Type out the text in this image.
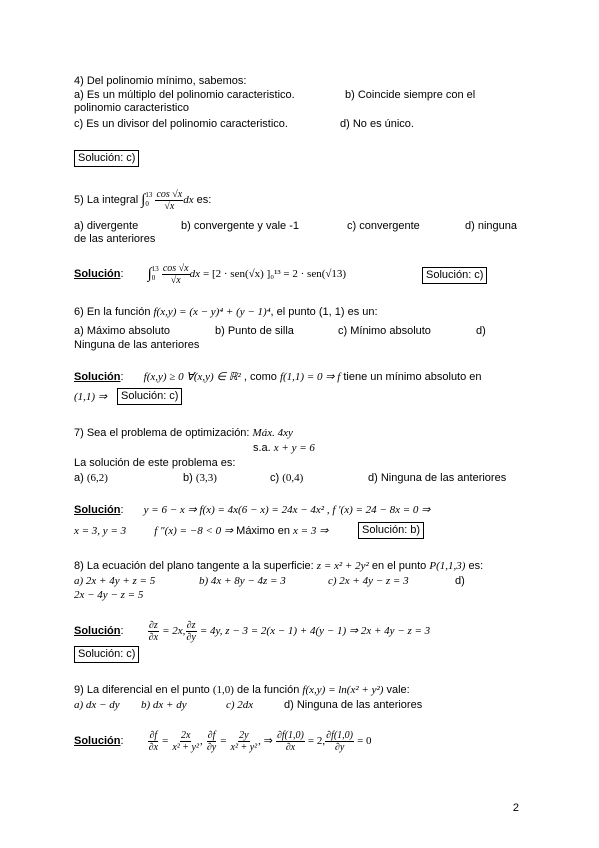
4) Del polinomio mínimo, sabemos:
a) Es un múltiplo del polinomio caracteristico.	b) Coincide siempre con el
polinomio caracteristico
c) Es un divisor del polinomio caracteristico.	d) No es único.
Solución: c)
5) La integral ∫ 13
0
$\frac{\cos √x}{√x}$ dx es:
a) divergente	b) convergente y vale -1	c) convergente	d) ninguna
de las anteriores
Solución:  ∫ 13
0
$\frac{\cos √x}{√x}$ dx = [2 · sen(√x) ]₀¹³ = 2 · sen(√13)	Solución: c)
6) En la función f(x,y) = (x − y)⁴ + (y − 1)⁴, el punto (1, 1) es un:
a) Máximo absoluto	b) Punto de silla	c) Mínimo absoluto	d)
Ninguna de las anteriores
Solución:  f(x,y) ≥ 0 ∀(x,y) ∈ ℝ² , como f(1,1) = 0 ⇒ f tiene un mínimo absoluto en
(1,1) ⇒	Solución: c)
7) Sea el problema de optimización: Máx. 4xy
s.a. x + y = 6
La solución de este problema es:
a) (6,2)	b) (3,3)	c) (0,4)	d) Ninguna de las anteriores
Solución:  y = 6 − x ⇒ f(x) = 4x(6 − x) = 24x − 4x² , f ′(x) = 24 − 8x = 0 ⇒
x = 3, y = 3	f ″(x) = −8 < 0 ⇒ Máximo en x = 3 ⇒	Solución: b)
8) La ecuación del plano tangente a la superficie: z = x² + 2y² en el punto P(1,1,3) es:
a) 2x + 4y + z = 5	b) 4x + 8y − 4z = 3	c) 2x + 4y − z = 3	d)
2x − 4y − z = 5
Solución: $\frac{\partial z}{\partial x} = 2x$, $\frac{\partial z}{\partial y} = 4y$, z − 3 = 2(x − 1) + 4(y − 1) ⇒ 2x + 4y − z = 3
Solución: c)
9) La diferencial en el punto (1,0) de la función f(x,y) = ln(x² + y²) vale:
a) dx − dy b) dx + dy	c) 2dx	d) Ninguna de las anteriores
Solución: $\frac{\partial f}{\partial x} = \frac{2x}{\text{x² + y²}}$ , $\frac{\partial f}{\partial y} = \frac{2y}{\text{x² + y²}}$ , ⇒ $\frac{\partial f(1,0)}{\partial x} = 2$, $\frac{\partial f(1,0)}{\partial y} = 0$
2
